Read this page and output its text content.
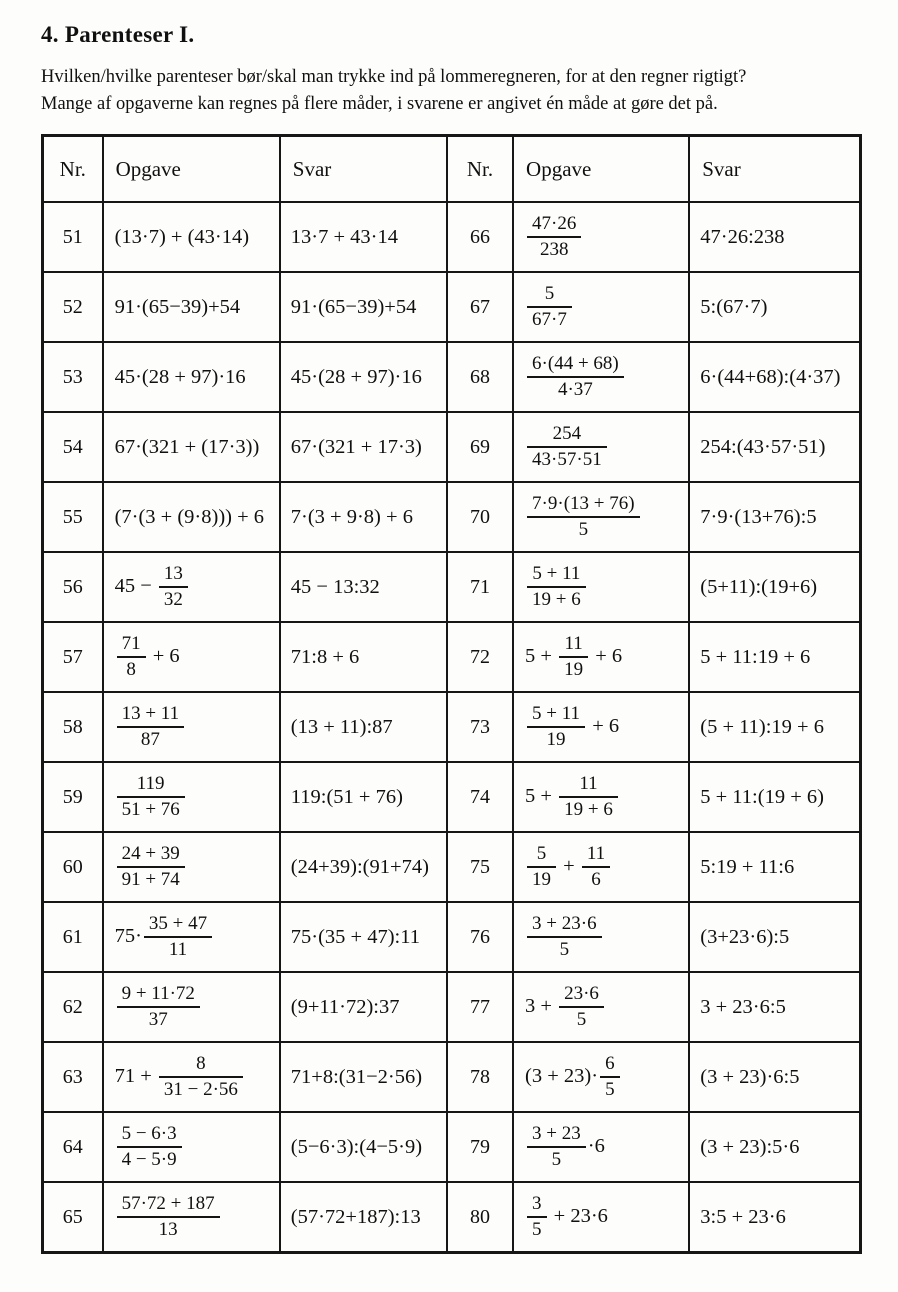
4. Parenteser I.

Hvilken/hvilke parenteser bør/skal man trykke ind på lommeregneren, for at den regner rigtigt?

Mange af opgaverne kan regnes på flere måder, i svarene er angivet én måde at gøre det på.

Nr.	Opgave	Svar	Nr.	Opgave	Svar
51	(13·7) + (43·14)	13·7 + 43·14	66	$\frac{47\cdot 26}{238}$	47·26:238
52	91·(65−39)+54	91·(65−39)+54	67	$\frac{5}{67\cdot 7}$	5:(67·7)
53	45·(28 + 97)·16	45·(28 + 97)·16	68	$\frac{6\cdot(44 + 68)}{4\cdot 37}$	6·(44+68):(4·37)
54	67·(321 + (17·3))	67·(321 + 17·3)	69	$\frac{254}{43\cdot 57\cdot 51}$	254:(43·57·51)
55	(7·(3 + (9·8))) + 6	7·(3 + 9·8) + 6	70	$\frac{7\cdot 9\cdot(13 + 76)}{5}$	7·9·(13+76):5
56	$45 - \frac{13}{32}$	45 − 13:32	71	$\frac{5 + 11}{19 + 6}$	(5+11):(19+6)
57	$\frac{71}{8} + 6$	71:8 + 6	72	$5 + \frac{11}{19} + 6$	5 + 11:19 + 6
58	$\frac{13 + 11}{87}$	(13 + 11):87	73	$\frac{5 + 11}{19} + 6$	(5 + 11):19 + 6
59	$\frac{119}{51 + 76}$	119:(51 + 76)	74	$5 + \frac{11}{19 + 6}$	5 + 11:(19 + 6)
60	$\frac{24 + 39}{91 + 74}$	(24+39):(91+74)	75	$\frac{5}{19} + \frac{11}{6}$	5:19 + 11:6
61	$75\cdot \frac{35 + 47}{11}$	75·(35 + 47):11	76	$\frac{3 + 23\cdot 6}{5}$	(3+23·6):5
62	$\frac{9 + 11\cdot 72}{37}$	(9+11·72):37	77	$3 + \frac{23\cdot 6}{5}$	3 + 23·6:5
63	$71 + \frac{8}{31 - 2\cdot 56}$	71+8:(31−2·56)	78	$(3 + 23)\cdot \frac{6}{5}$	(3 + 23)·6:5
64	$\frac{5 - 6\cdot 3}{4 - 5\cdot 9}$	(5−6·3):(4−5·9)	79	$\frac{3 + 23}{5} \cdot 6$	(3 + 23):5·6
65	$\frac{57\cdot 72 + 187}{13}$	(57·72+187):13	80	$\frac{3}{5} + 23\cdot 6$	3:5 + 23·6
